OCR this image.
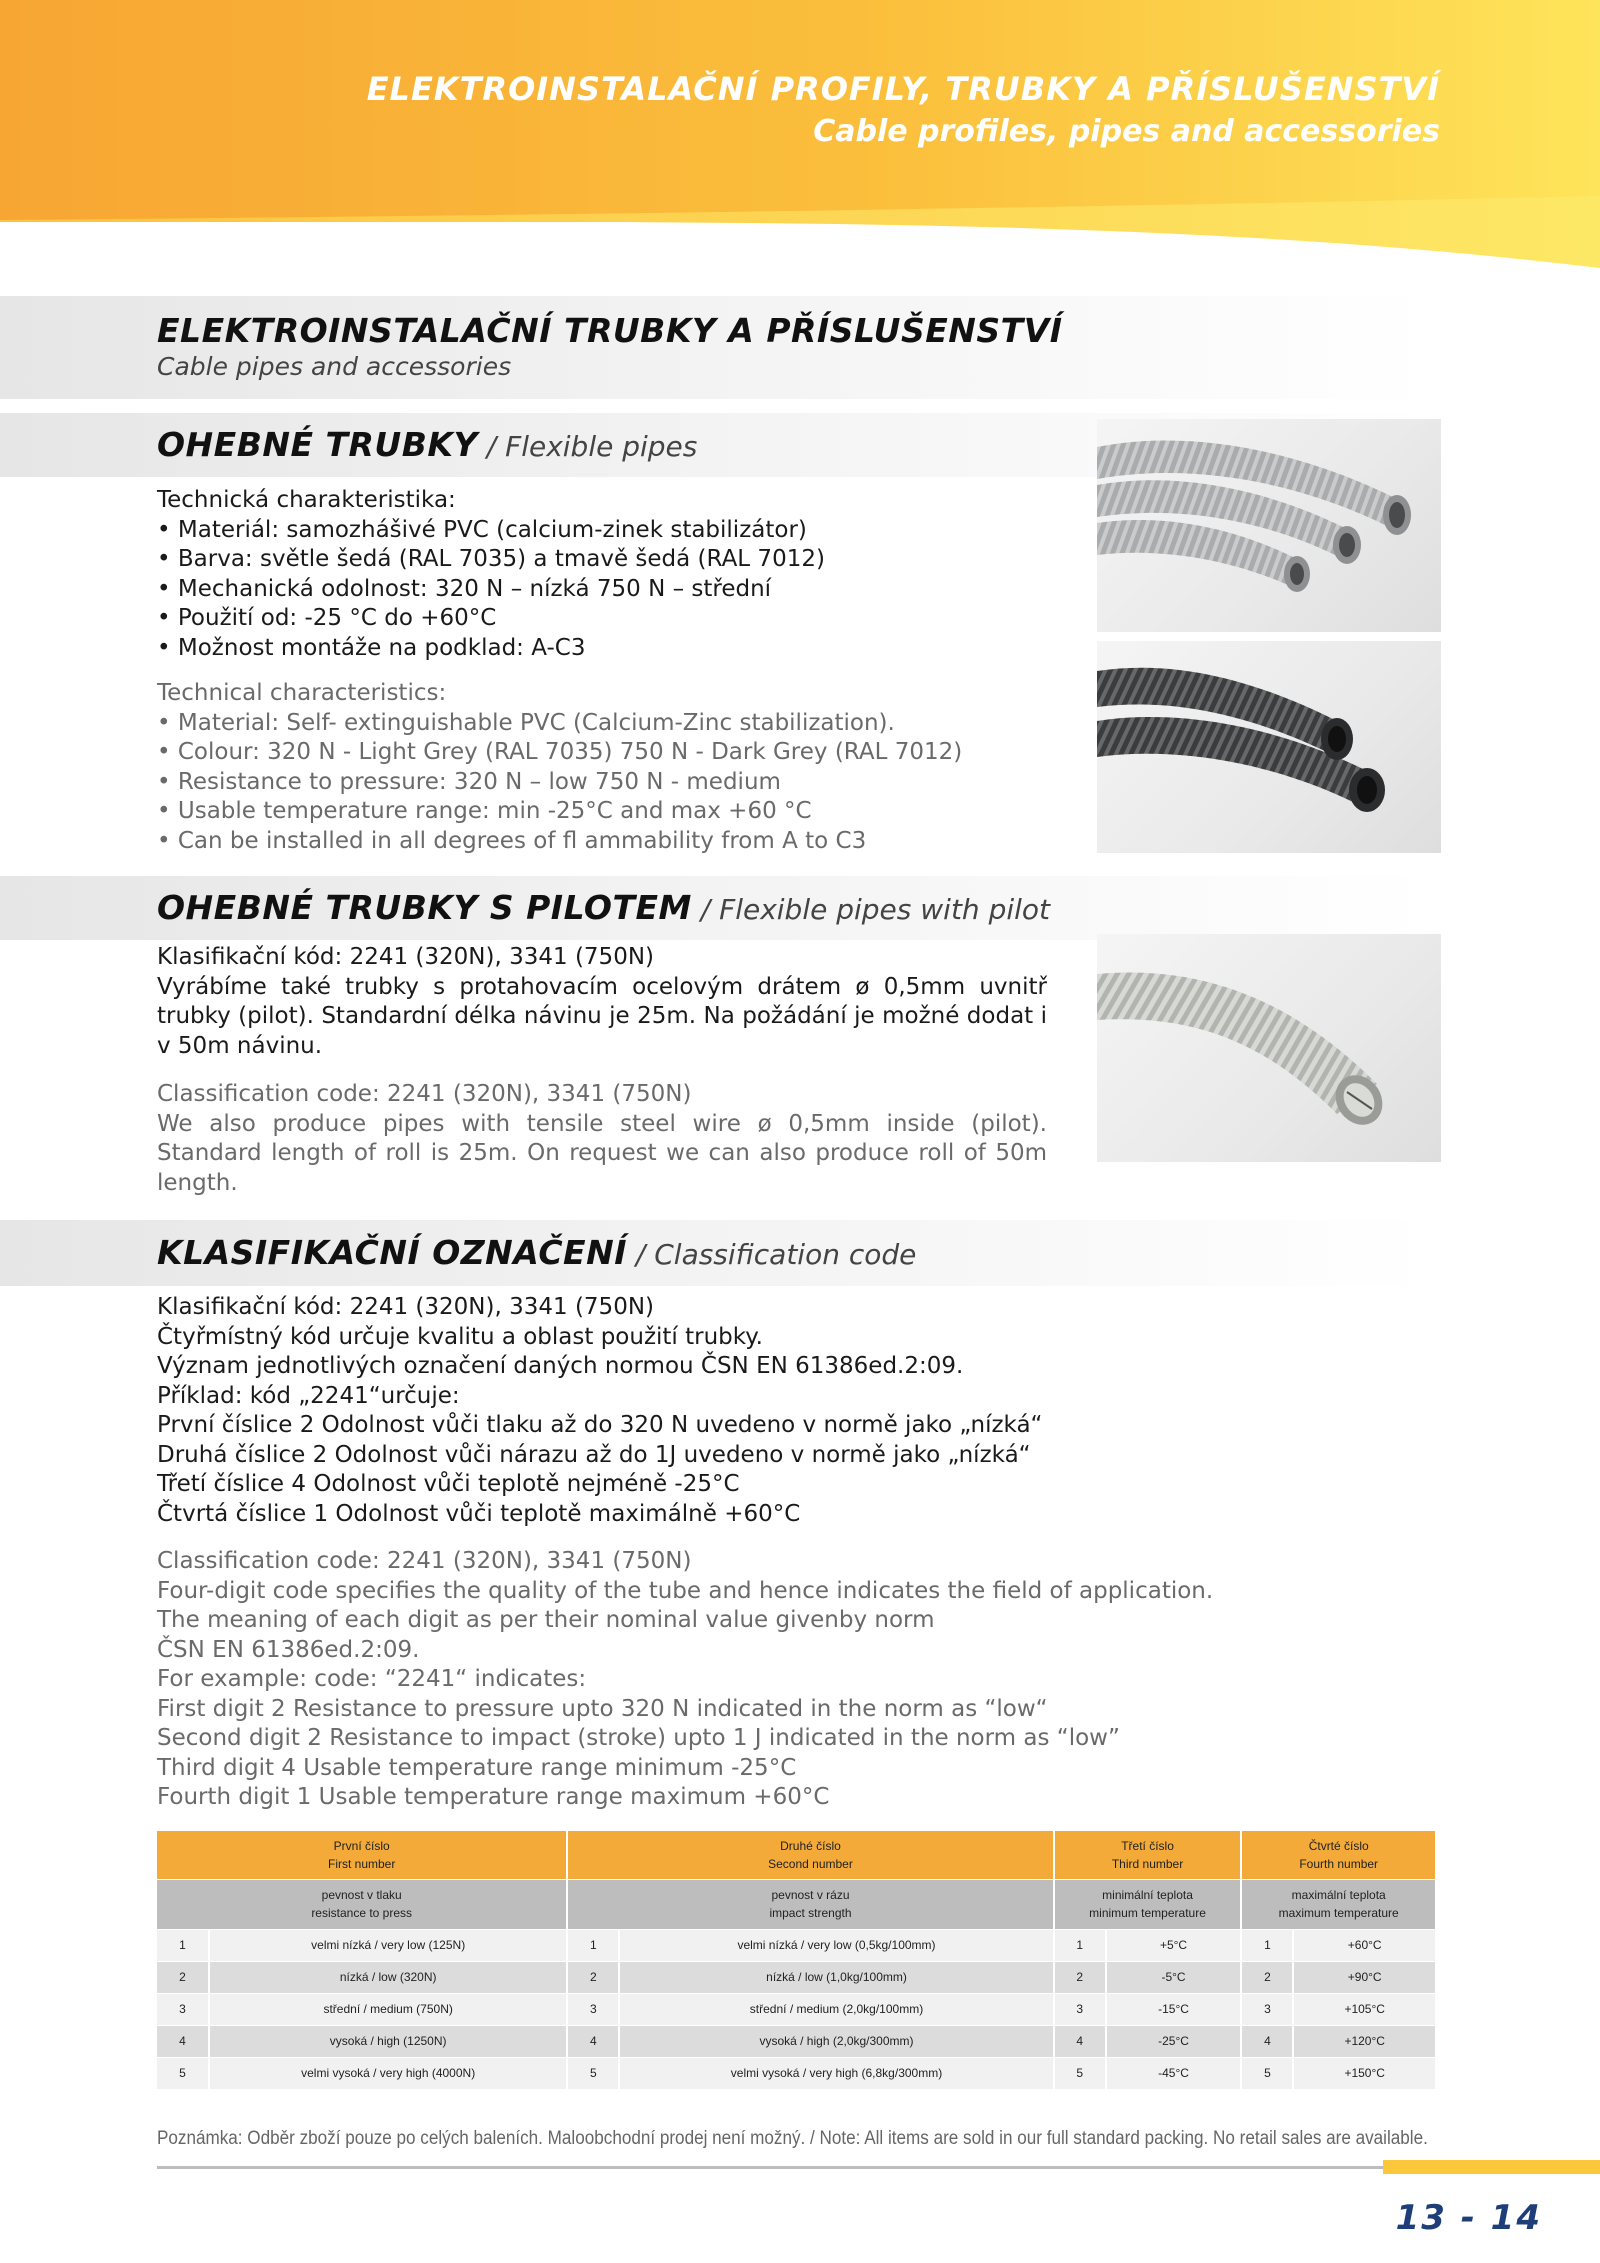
ELEKTROINSTALAČNÍ PROFILY, TRUBKY A PŘÍSLUŠENSTVÍ
Cable profiles, pipes and accessories
ELEKTROINSTALAČNÍ TRUBKY A PŘÍSLUŠENSTVÍ
Cable pipes and accessories
OHEBNÉ TRUBKY / Flexible pipes
Technická charakteristika:
• Materiál: samozhášivé PVC (calcium-zinek stabilizátor)
• Barva: světle šedá (RAL 7035) a tmavě šedá (RAL 7012)
• Mechanická odolnost: 320 N – nízká 750 N – střední
• Použití od: -25 °C do +60°C
• Možnost montáže na podklad: A-C3
Technical characteristics:
• Material: Self- extinguishable PVC (Calcium-Zinc stabilization).
• Colour: 320 N - Light Grey (RAL 7035) 750 N - Dark Grey (RAL 7012)
• Resistance to pressure: 320 N – low 750 N - medium
• Usable temperature range: min -25°C and max +60 °C
• Can be installed in all degrees of fl ammability from A to C3
OHEBNÉ TRUBKY S PILOTEM / Flexible pipes with pilot
Klasifikační kód: 2241 (320N), 3341 (750N)
Vyrábíme také trubky s protahovacím ocelovým drátem ø 0,5mm uvnitř trubky (pilot). Standardní délka návinu je 25m. Na požádání je možné dodat i v 50m návinu.
Classification code: 2241 (320N), 3341 (750N)
We also produce pipes with tensile steel wire ø 0,5mm inside (pilot). Standard length of roll is 25m. On request we can also produce roll of 50m length.
KLASIFIKAČNÍ OZNAČENÍ / Classification code
Klasifikační kód: 2241 (320N), 3341 (750N)
Čtyřmístný kód určuje kvalitu a oblast použití trubky.
Význam jednotlivých označení daných normou ČSN EN 61386ed.2:09.
Příklad: kód „2241“určuje:
První číslice 2 Odolnost vůči tlaku až do 320 N uvedeno v normě jako „nízká“
Druhá číslice 2 Odolnost vůči nárazu až do 1J uvedeno v normě jako „nízká“
Třetí číslice 4 Odolnost vůči teplotě nejméně -25°C
Čtvrtá číslice 1 Odolnost vůči teplotě maximálně +60°C
Classification code: 2241 (320N), 3341 (750N)
Four-digit code specifies the quality of the tube and hence indicates the field of application.
The meaning of each digit as per their nominal value givenby norm
ČSN EN 61386ed.2:09.
For example: code: “2241“ indicates:
First digit 2 Resistance to pressure upto 320 N indicated in the norm as “low“
Second digit 2 Resistance to impact (stroke) upto 1 J indicated in the norm as “low”
Third digit 4 Usable temperature range minimum -25°C
Fourth digit 1 Usable temperature range maximum +60°C
První číslo
First number		Druhé číslo
Second number		Třetí číslo
Third number		Čtvrté číslo
Fourth number	
pevnost v tlaku
resistance to press		pevnost v rázu
impact strength		minimální teplota
minimum temperature		maximální teplota
maximum temperature	
1	velmi nízká / very low (125N)	1	velmi nízká / very low (0,5kg/100mm)	1	+5°C	1	+60°C
2	nízká / low (320N)	2	nízká / low (1,0kg/100mm)	2	-5°C	2	+90°C
3	střední / medium (750N)	3	střední / medium (2,0kg/100mm)	3	-15°C	3	+105°C
4	vysoká / high (1250N)	4	vysoká / high (2,0kg/300mm)	4	-25°C	4	+120°C
5	velmi vysoká / very high (4000N)	5	velmi vysoká / very high (6,8kg/300mm)	5	-45°C	5	+150°C
Poznámka: Odběr zboží pouze po celých baleních. Maloobchodní prodej není možný. / Note: All items are sold in our full standard packing. No retail sales are available.
13 - 14
